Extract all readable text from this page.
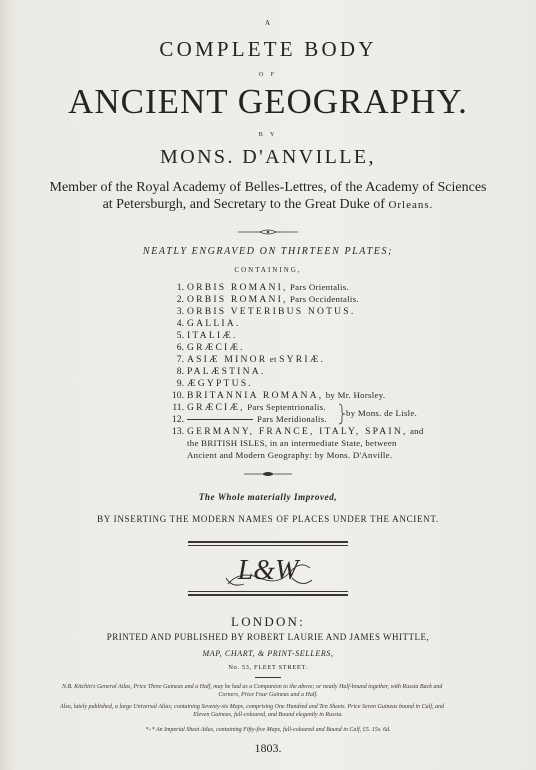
A
COMPLETE BODY
O F
ANCIENT GEOGRAPHY.
B Y
MONS. D'ANVILLE,
Member of the Royal Academy of Belles-Lettres, of the Academy of Sciences
at Petersburgh, and Secretary to the Great Duke of Orleans.
NEATLY ENGRAVED ON THIRTEEN PLATES;
CONTAINING,
1. ORBIS ROMANI, Pars Orientalis.
2. ORBIS ROMANI, Pars Occidentalis.
3. ORBIS VETERIBUS NOTUS.
4. GALLIA.
5. ITALIÆ.
6. GRÆCIÆ.
7. ASIÆ MINOR et SYRIÆ.
8. PALÆSTINA.
9. ÆGYPTUS.
10. BRITANNIA ROMANA, by Mr. Horsley.
11. GRÆCIÆ, Pars Septentrionalis.
12.	Pars Meridionalis.
by Mons. de Lisle.
13. GERMANY, FRANCE, ITALY, SPAIN, and
the BRITISH ISLES, in an intermediate State, between
Ancient and Modern Geography: by Mons. D'Anville.
The Whole materially Improved,
BY INSERTING THE MODERN NAMES OF PLACES UNDER THE ANCIENT.
L&W
LONDON:
PRINTED AND PUBLISHED BY ROBERT LAURIE AND JAMES WHITTLE,
MAP, CHART, & PRINT-SELLERS,
No. 53, FLEET STREET.
N.B. Kitchin's General Atlas, Price Three Guineas and a Half, may be had as a Companion to the above; or neatly Half-bound together, with Russia Back and
Corners, Price Four Guineas and a Half.
Also, lately published, a large Universal Atlas; containing Seventy-six Maps, comprising One Hundred and Ten Sheets. Price Seven Guineas bound in Calf, and
Eleven Guineas, full-coloured, and Bound elegantly in Russia.
*₊* An Imperial Sheet Atlas, containing Fifty-five Maps, full-coloured and Bound in Calf, £5. 15s. 6d.
1803.
